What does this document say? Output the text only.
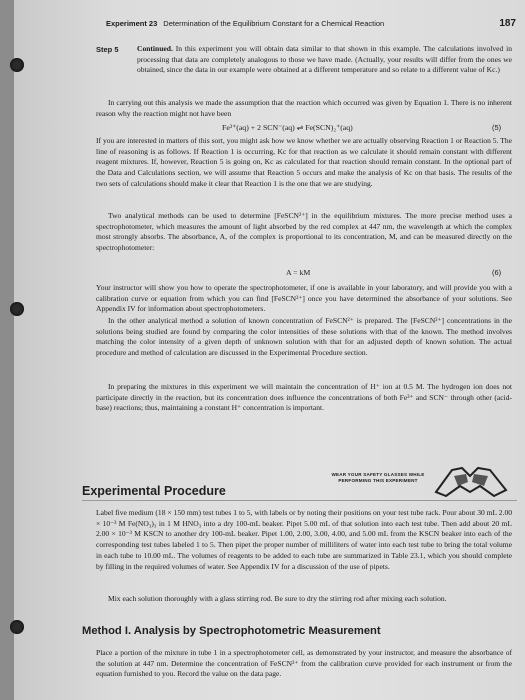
Experiment 23 Determination of the Equilibrium Constant for a Chemical Reaction	187
Step 5 Continued. In this experiment you will obtain data similar to that shown in this example. The calculations involved in processing that data are completely analogous to those we have made. (Actually, your results will differ from the ones we obtained, since the data in our example were obtained at a different temperature and so relate to a different value of Kc.)

In carrying out this analysis we made the assumption that the reaction which occurred was given by Equation 1. There is no inherent reason why the reaction might not have been

Fe³⁺(aq) + 2 SCN⁻(aq) ⇌ Fe(SCN)₂⁺(aq)	(5)

If you are interested in matters of this sort, you might ask how we know whether we are actually observing Reaction 1 or Reaction 5. The line of reasoning is as follows. If Reaction 1 is occurring, Kc for that reaction as we calculate it should remain constant with different reagent mixtures. If, however, Reaction 5 is going on, Kc as calculated for that reaction should remain constant. In the optional part of the Data and Calculations section, we will assume that Reaction 5 occurs and make the analysis of Kc on that basis. The results of the two sets of calculations should make it clear that Reaction 1 is the one that we are studying.

Two analytical methods can be used to determine [FeSCN²⁺] in the equilibrium mixtures. The more precise method uses a spectrophotometer, which measures the amount of light absorbed by the red complex at 447 nm, the wavelength at which the complex most strongly absorbs. The absorbance, A, of the complex is proportional to its concentration, M, and can be measured directly on the spectrophotometer:

A = kM	(6)

Your instructor will show you how to operate the spectrophotometer, if one is available in your laboratory, and will provide you with a calibration curve or equation from which you can find [FeSCN²⁺] once you have determined the absorbance of your solutions. See Appendix IV for information about spectrophotometers.

In the other analytical method a solution of known concentration of FeSCN²⁺ is prepared. The [FeSCN²⁺] concentrations in the solutions being studied are found by comparing the color intensities of these solutions with that of the known. The method involves matching the color intensity of a given depth of unknown solution with that for an adjusted depth of known solution. The actual procedure and method of calculation are discussed in the Experimental Procedure section.

In preparing the mixtures in this experiment we will maintain the concentration of H⁺ ion at 0.5 M. The hydrogen ion does not participate directly in the reaction, but its concentration does influence the concentrations of both Fe³⁺ and SCN⁻ through other (acid-base) reactions; thus, maintaining a constant H⁺ concentration is important.

WEAR YOUR SAFETY GLASSES WHILE PERFORMING THIS EXPERIMENT
Experimental Procedure

Label five medium (18 × 150 mm) test tubes 1 to 5, with labels or by noting their positions on your test tube rack. Pour about 30 mL 2.00 × 10⁻³ M Fe(NO₃)₃ in 1 M HNO₃ into a dry 100-mL beaker. Pipet 5.00 mL of that solution into each test tube. Then add about 20 mL 2.00 × 10⁻³ M KSCN to another dry 100-mL beaker. Pipet 1.00, 2.00, 3.00, 4.00, and 5.00 mL from the KSCN beaker into each of the corresponding test tubes labeled 1 to 5. Then pipet the proper number of milliliters of water into each test tube to bring the total volume in each tube to 10.00 mL. The volumes of reagents to be added to each tube are summarized in Table 23.1, which you should complete by filling in the required volumes of water. See Appendix IV for a discussion of the use of pipets.

Mix each solution thoroughly with a glass stirring rod. Be sure to dry the stirring rod after mixing each solution.

Method I. Analysis by Spectrophotometric Measurement

Place a portion of the mixture in tube 1 in a spectrophotometer cell, as demonstrated by your instructor, and measure the absorbance of the solution at 447 nm. Determine the concentration of FeSCN²⁺ from the calibration curve provided for each instrument or from the equation furnished to you. Record the value on the data page.
